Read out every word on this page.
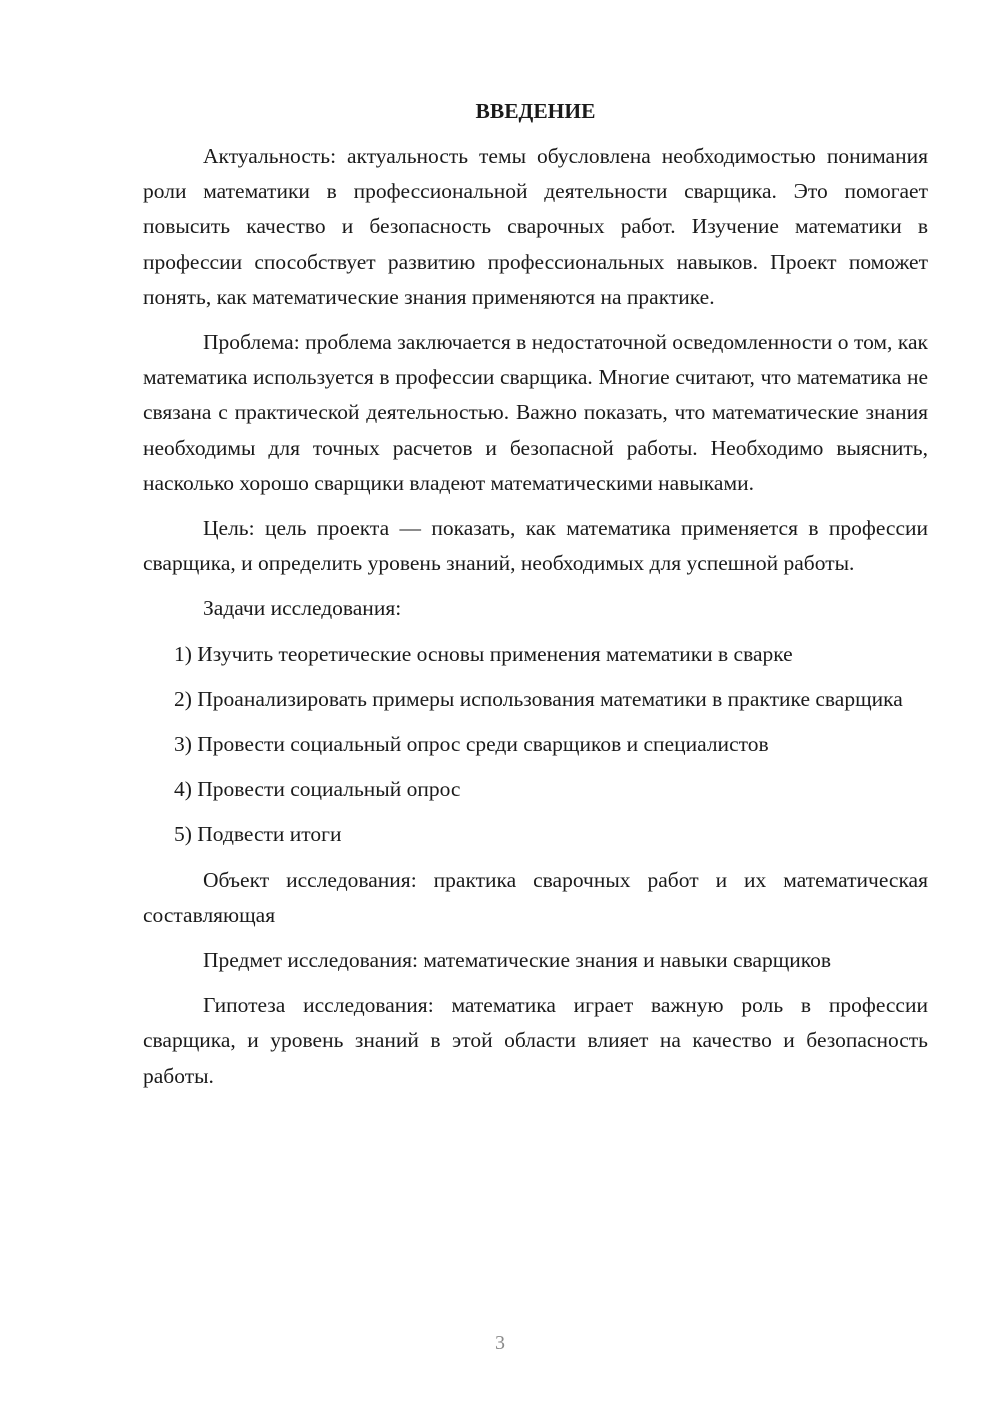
ВВЕДЕНИЕ

Актуальность: актуальность темы обусловлена необходимостью понимания роли математики в профессиональной деятельности сварщика. Это помогает повысить качество и безопасность сварочных работ. Изучение математики в профессии способствует развитию профессиональных навыков. Проект поможет понять, как математические знания применяются на практике.

Проблема: проблема заключается в недостаточной осведомленности о том, как математика используется в профессии сварщика. Многие считают, что математика не связана с практической деятельностью. Важно показать, что математические знания необходимы для точных расчетов и безопасной работы. Необходимо выяснить, насколько хорошо сварщики владеют математическими навыками.

Цель: цель проекта — показать, как математика применяется в профессии сварщика, и определить уровень знаний, необходимых для успешной работы.

Задачи исследования:

1) Изучить теоретические основы применения математики в сварке

2) Проанализировать примеры использования математики в практике сварщика

3) Провести социальный опрос среди сварщиков и специалистов

4) Провести социальный опрос

5) Подвести итоги

Объект исследования: практика сварочных работ и их математическая составляющая

Предмет исследования: математические знания и навыки сварщиков

Гипотеза исследования: математика играет важную роль в профессии сварщика, и уровень знаний в этой области влияет на качество и безопасность работы.

3
